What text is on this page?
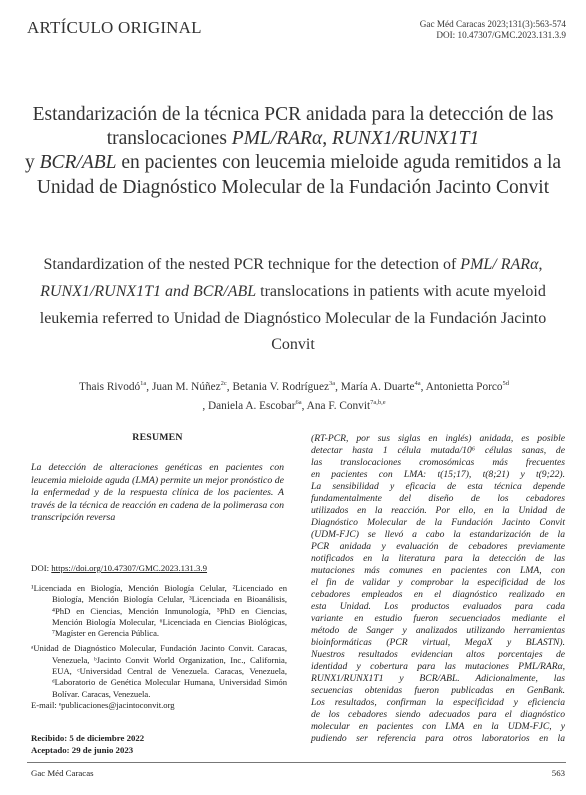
ARTÍCULO ORIGINAL	Gac Méd Caracas 2023;131(3):563-574
DOI: 10.47307/GMC.2023.131.3.9
Estandarización de la técnica PCR anidada para la detección de las translocaciones PML/RARα, RUNX1/RUNX1T1
y BCR/ABL en pacientes con leucemia mieloide aguda remitidos a la Unidad de Diagnóstico Molecular de la Fundación Jacinto Convit
Standardization of the nested PCR technique for the detection of PML/ RARα, RUNX1/RUNX1T1 and BCR/ABL translocations in patients with acute myeloid leukemia referred to Unidad de Diagnóstico Molecular de la Fundación Jacinto Convit
Thais Rivodó$^{1a}$, Juan M. Núñez$^{2c}$, Betania V. Rodríguez$^{3a}$, María A. Duarte$^{4a}$, Antonietta Porco$^{5d}$
, Daniela A. Escobar$^{6a}$, Ana F. Convit$^{7a,b,e}$
RESUMEN
La detección de alteraciones genéticas en pacientes con leucemia mieloide aguda (LMA) permite un mejor pronóstico de la enfermedad y de la respuesta clínica de los pacientes. A través de la técnica de reacción en cadena de la polimerasa con transcripción reversa
DOI: https://doi.org/10.47307/GMC.2023.131.3.9
¹Licenciada en Biología, Mención Biología Celular, ²Licenciado en Biología, Mención Biología Celular, ³Licenciada en Bioanálisis, ⁴PhD en Ciencias, Mención Inmunología, ⁵PhD en Ciencias, Mención Biología Molecular, ⁶Licenciada en Ciencias Biológicas, ⁷Magíster en Gerencia Pública.
ᵃUnidad de Diagnóstico Molecular, Fundación Jacinto Convit. Caracas, Venezuela, ᵇJacinto Convit World Organization, Inc., California, EUA, ᶜUniversidad Central de Venezuela. Caracas, Venezuela, ᵈLaboratorio de Genética Molecular Humana, Universidad Simón Bolívar. Caracas, Venezuela.
E-mail: ᵉpublicaciones@jacintoconvit.org
Recibido: 5 de diciembre 2022
Aceptado: 29 de junio 2023
(RT-PCR, por sus siglas en inglés) anidada, es posible
detectar hasta 1 célula mutada/10⁶ células sanas, de
las translocaciones cromosómicas más frecuentes
en pacientes con LMA: t(15;17), t(8;21) y t(9;22).
La sensibilidad y eficacia de esta técnica depende
fundamentalmente del diseño de los cebadores
utilizados en la reacción. Por ello, en la Unidad de
Diagnóstico Molecular de la Fundación Jacinto Convit
(UDM-FJC) se llevó a cabo la estandarización de la
PCR anidada y evaluación de cebadores previamente
notificados en la literatura para la detección de las
mutaciones más comunes en pacientes con LMA, con
el fin de validar y comprobar la especificidad de los
cebadores empleados en el diagnóstico realizado en
esta Unidad. Los productos evaluados para cada
variante en estudio fueron secuenciados mediante el
método de Sanger y analizados utilizando herramientas
bioinformáticas (PCR virtual, MegaX y BLASTN).
Nuestros resultados evidencian altos porcentajes de
identidad y cobertura para las mutaciones PML/RARα,
RUNX1/RUNX1T1 y BCR/ABL. Adicionalmente, las
secuencias obtenidas fueron publicadas en GenBank.
Los resultados, confirman la especificidad y eficiencia
de los cebadores siendo adecuados para el diagnóstico
molecular en pacientes con LMA en la UDM-FJC, y
pudiendo ser referencia para otros laboratorios en la
Gac Méd Caracas	563
